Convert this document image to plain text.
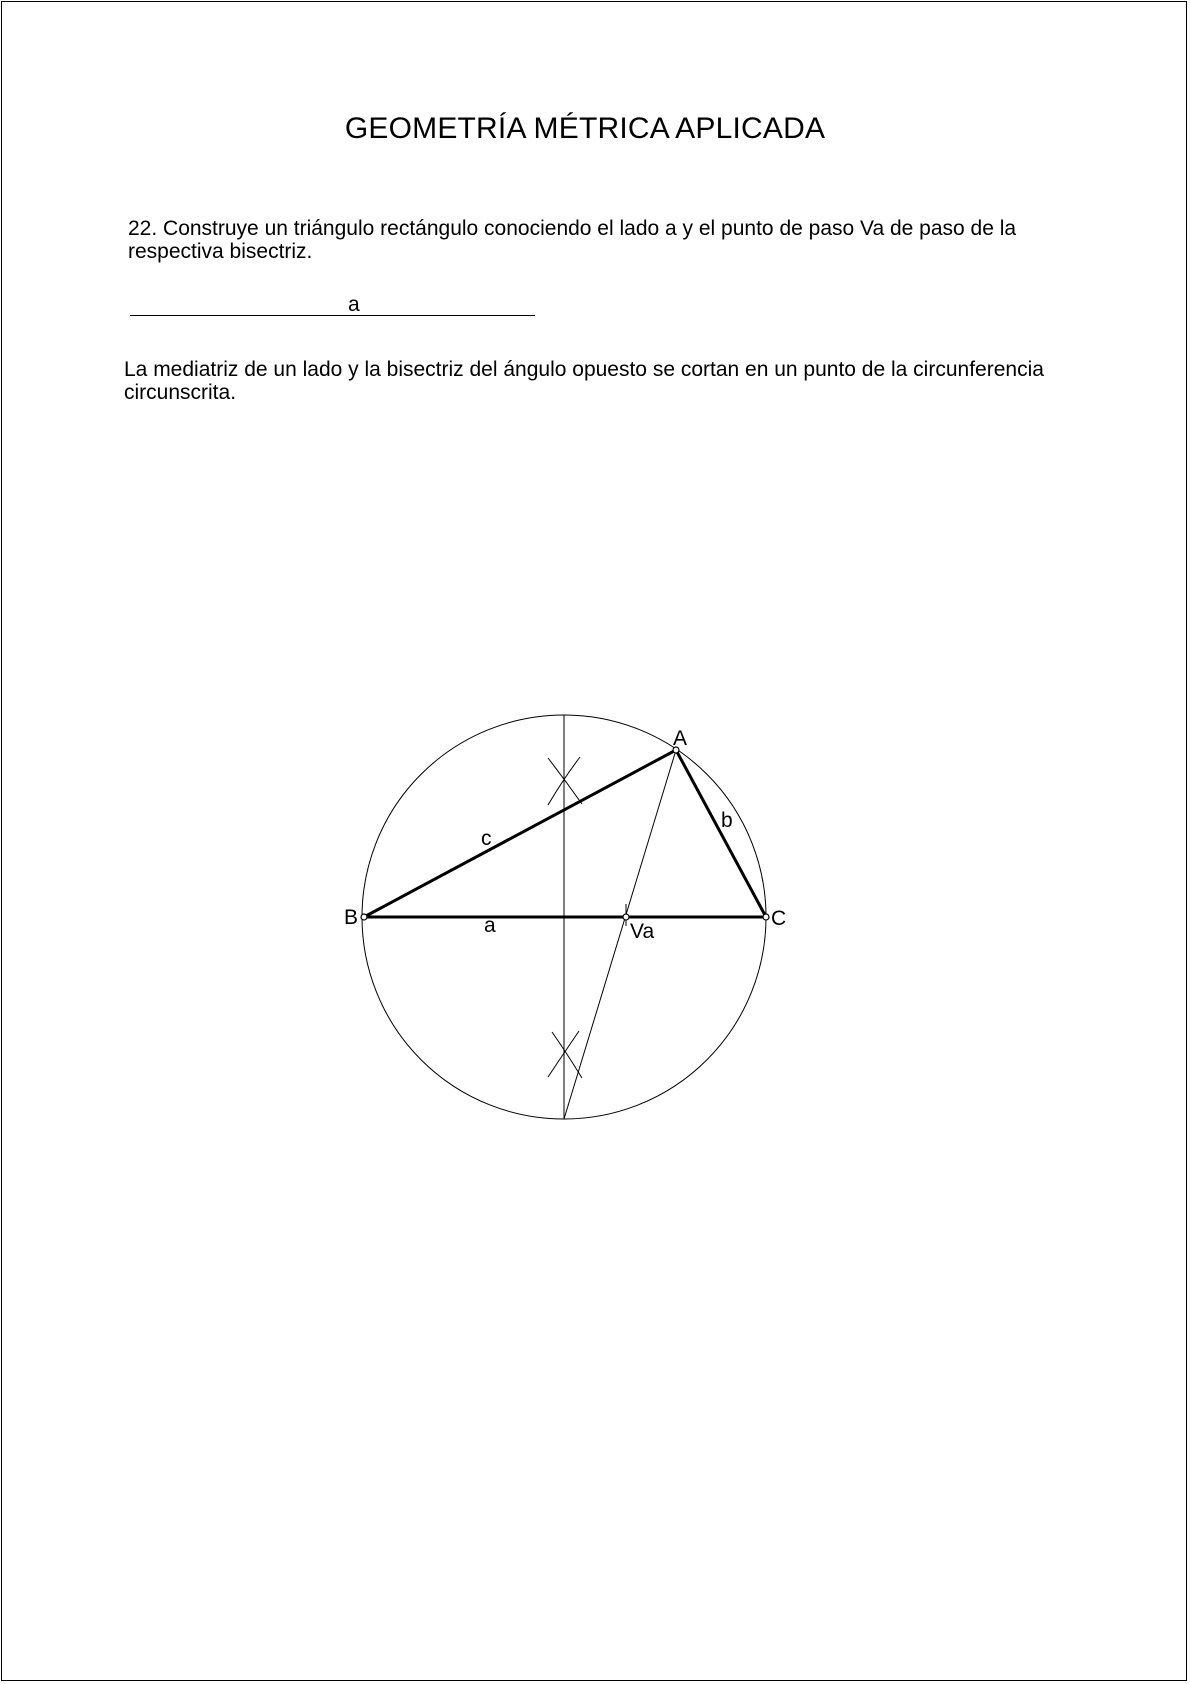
GEOMETRÍA MÉTRICA APLICADA
22. Construye un triángulo rectángulo conociendo el lado a y el punto de paso Va de paso de la respectiva bisectriz.
a
La mediatriz de un lado y la bisectriz del ángulo opuesto se cortan en un punto de la circunferencia circunscrita.
A
B	C
Va
a
b
c
